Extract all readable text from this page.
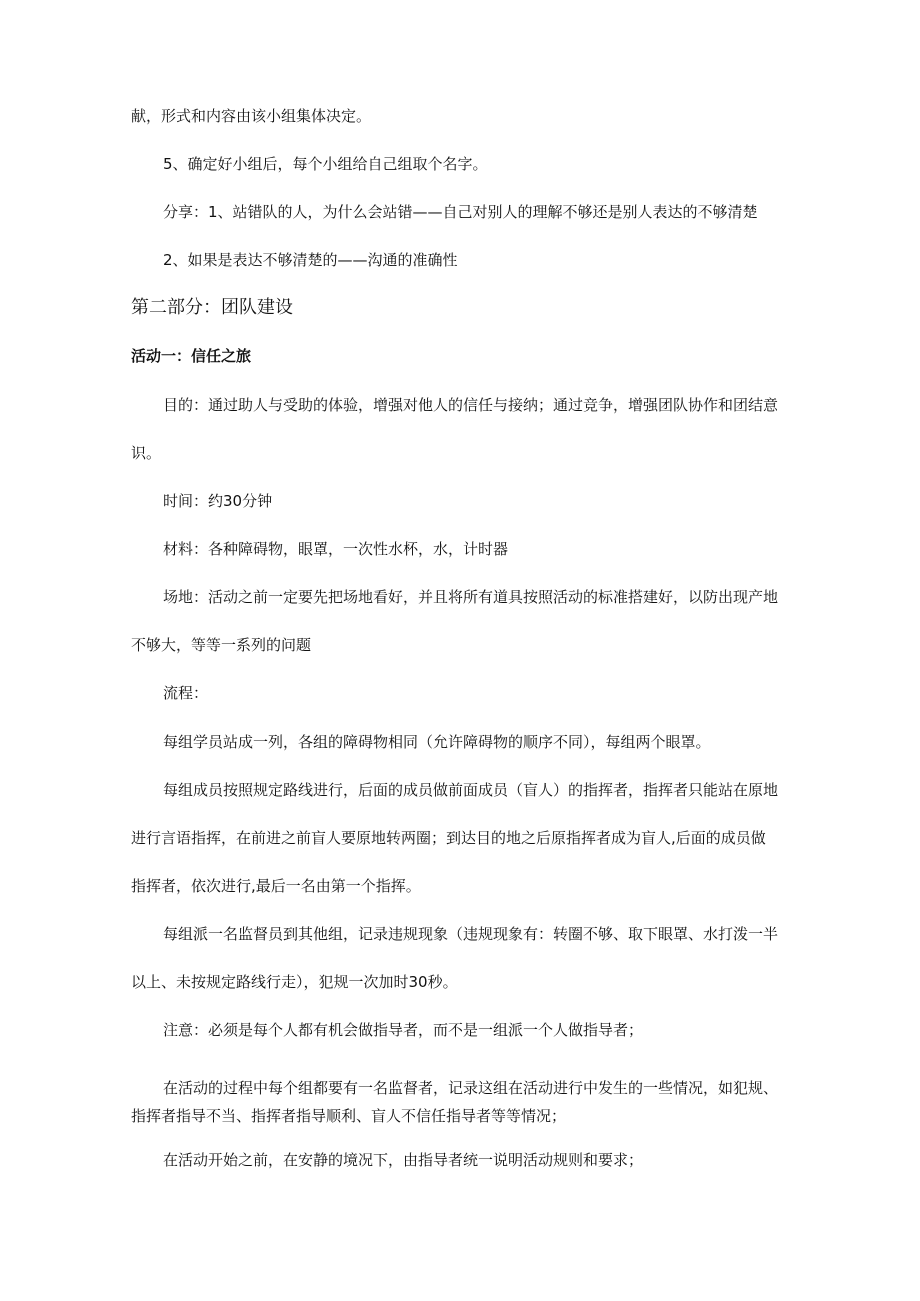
献，形式和内容由该小组集体决定。
5、确定好小组后，每个小组给自己组取个名字。
分享：1、站错队的人，为什么会站错——自己对别人的理解不够还是别人表达的不够清楚
2、如果是表达不够清楚的——沟通的准确性
第二部分：团队建设
活动一：信任之旅
目的：通过助人与受助的体验，增强对他人的信任与接纳；通过竞争，增强团队协作和团结意
识。
时间：约30分钟
材料：各种障碍物，眼罩，一次性水杯，水，计时器
场地：活动之前一定要先把场地看好，并且将所有道具按照活动的标准搭建好，以防出现产地
不够大，等等一系列的问题
流程：
每组学员站成一列，各组的障碍物相同（允许障碍物的顺序不同），每组两个眼罩。
每组成员按照规定路线进行，后面的成员做前面成员（盲人）的指挥者，指挥者只能站在原地
进行言语指挥，在前进之前盲人要原地转两圈；到达目的地之后原指挥者成为盲人,后面的成员做
指挥者，依次进行,最后一名由第一个指挥。
每组派一名监督员到其他组，记录违规现象（违规现象有：转圈不够、取下眼罩、水打泼一半
以上、未按规定路线行走），犯规一次加时30秒。
注意：必须是每个人都有机会做指导者，而不是一组派一个人做指导者；
在活动的过程中每个组都要有一名监督者，记录这组在活动进行中发生的一些情况，如犯规、
指挥者指导不当、指挥者指导顺利、盲人不信任指导者等等情况；
在活动开始之前，在安静的境况下，由指导者统一说明活动规则和要求；
